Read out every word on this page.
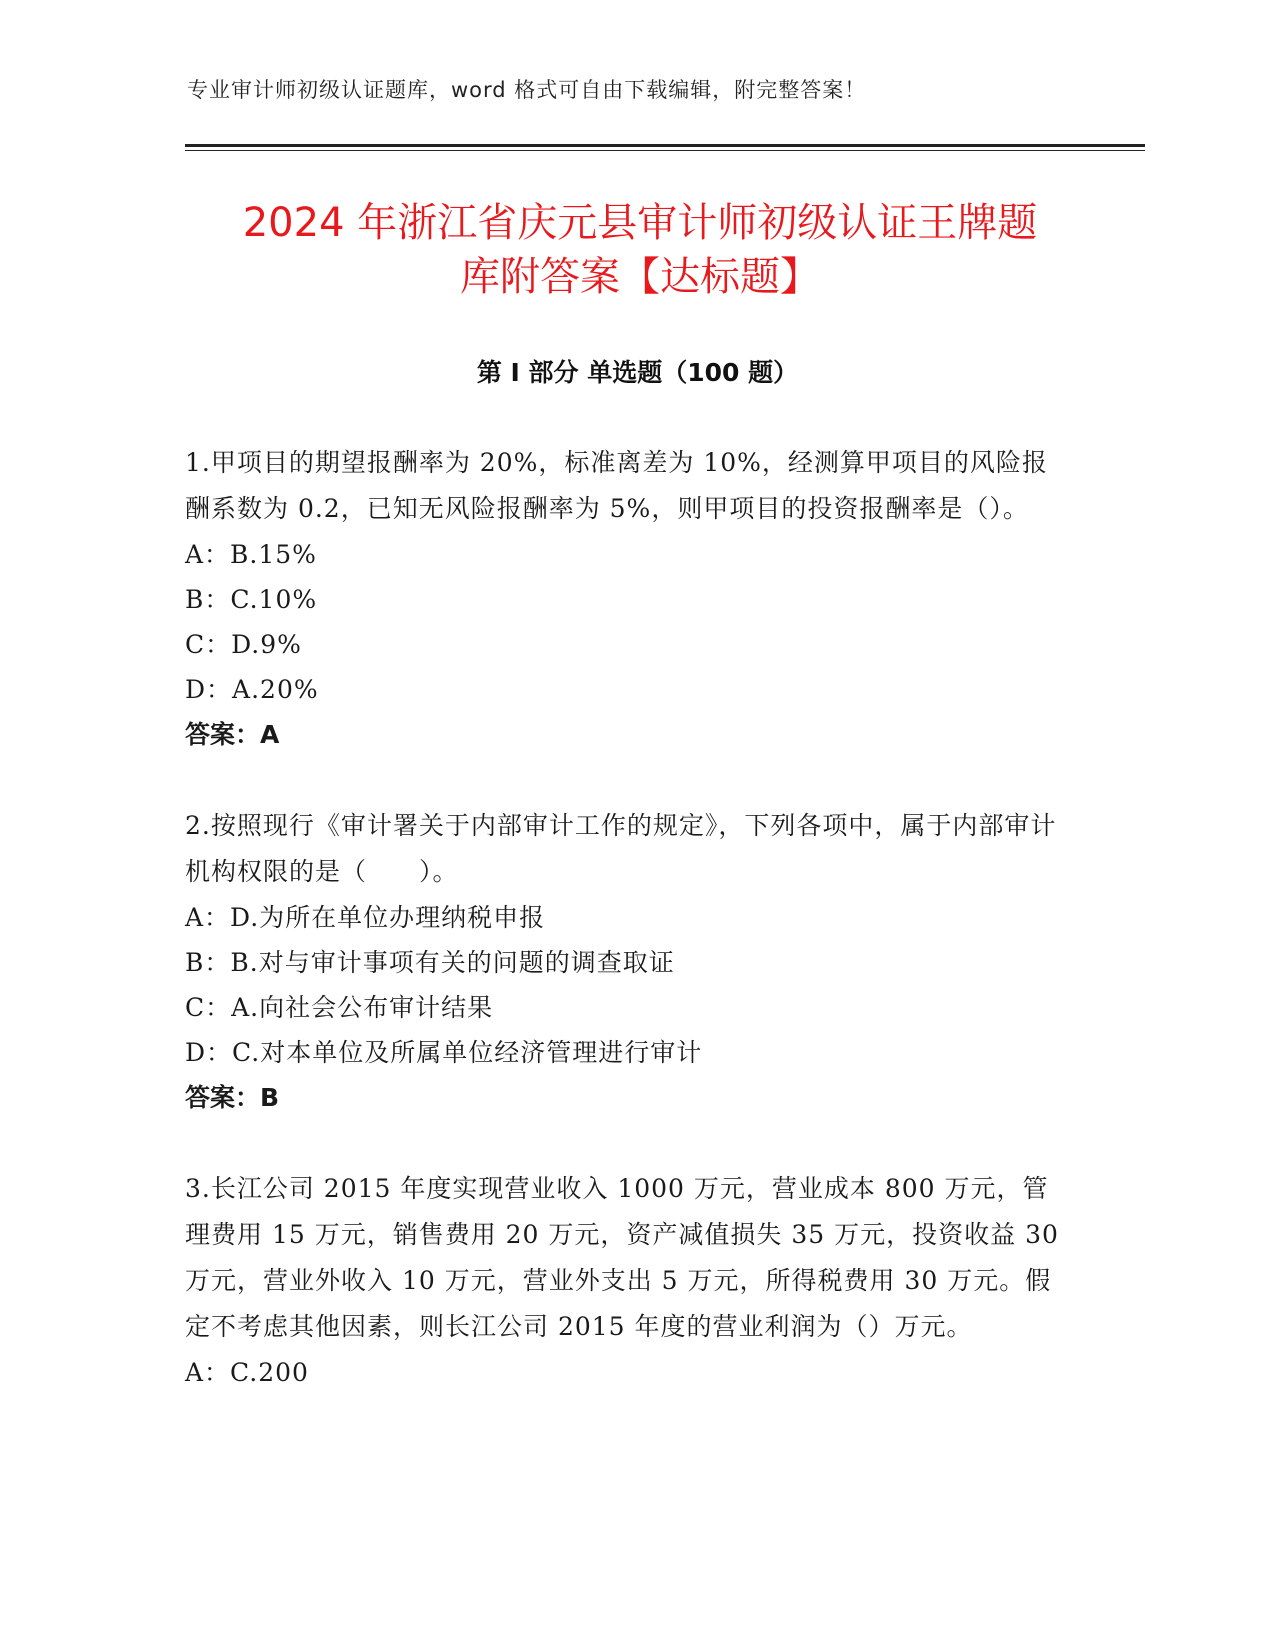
专业审计师初级认证题库，word 格式可自由下载编辑，附完整答案！
2024 年浙江省庆元县审计师初级认证王牌题
库附答案【达标题】
第 I 部分 单选题（100 题）
1.甲项目的期望报酬率为 20%，标准离差为 10%，经测算甲项目的风险报酬系数为 0.2，已知无风险报酬率为 5%，则甲项目的投资报酬率是（）。
A：B.15%
B：C.10%
C：D.9%
D：A.20%
答案：A
2.按照现行《审计署关于内部审计工作的规定》，下列各项中，属于内部审计机构权限的是（　　）。
A：D.为所在单位办理纳税申报
B：B.对与审计事项有关的问题的调查取证
C：A.向社会公布审计结果
D：C.对本单位及所属单位经济管理进行审计
答案：B
3.长江公司 2015 年度实现营业收入 1000 万元，营业成本 800 万元，管理费用 15 万元，销售费用 20 万元，资产减值损失 35 万元，投资收益 30 万元，营业外收入 10 万元，营业外支出 5 万元，所得税费用 30 万元。假定不考虑其他因素，则长江公司 2015 年度的营业利润为（）万元。
A：C.200
